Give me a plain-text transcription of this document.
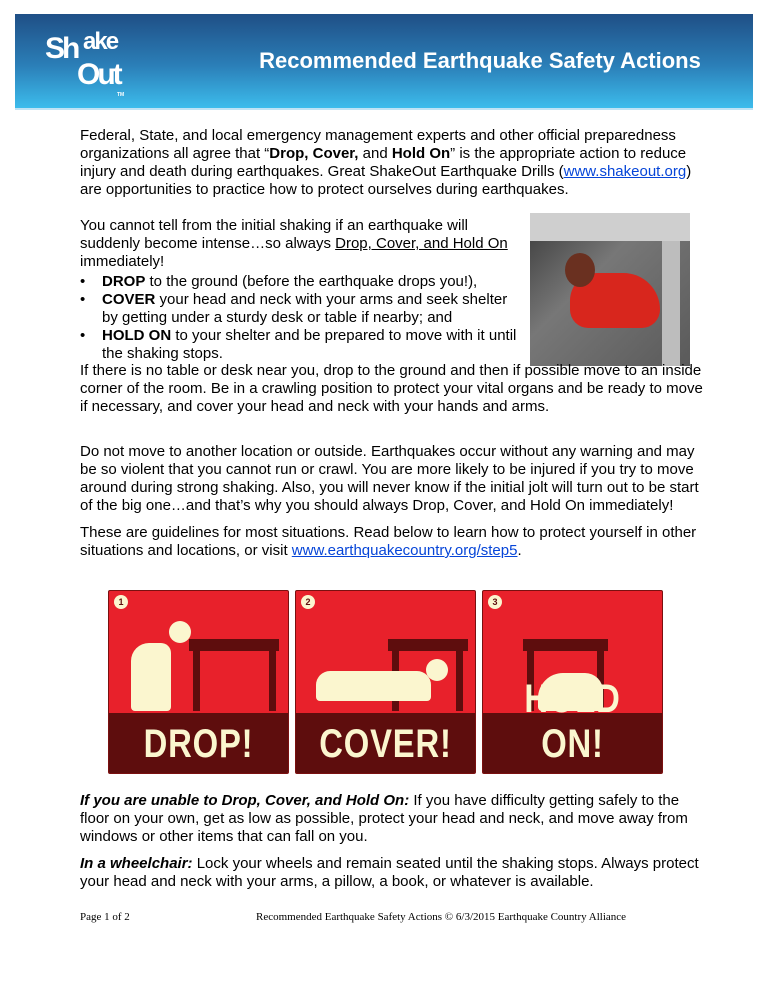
Sh ake
Out
TM
Recommended Earthquake Safety Actions
Federal, State, and local emergency management experts and other official preparedness organizations all agree that “Drop, Cover, and Hold On” is the appropriate action to reduce injury and death during earthquakes. Great ShakeOut Earthquake Drills (www.shakeout.org) are opportunities to practice how to protect ourselves during earthquakes.
You cannot tell from the initial shaking if an earthquake will suddenly become intense…so always Drop, Cover, and Hold On immediately!
• DROP to the ground (before the earthquake drops you!),
• COVER your head and neck with your arms and seek shelter by getting under a sturdy desk or table if nearby; and
• HOLD ON to your shelter and be prepared to move with it until the shaking stops.
If there is no table or desk near you, drop to the ground and then if possible move to an inside corner of the room. Be in a crawling position to protect your vital organs and be ready to move if necessary, and cover your head and neck with your hands and arms.
Do not move to another location or outside. Earthquakes occur without any warning and may be so violent that you cannot run or crawl. You are more likely to be injured if you try to move around during strong shaking. Also, you will never know if the initial jolt will turn out to be start of the big one…and that’s why you should always Drop, Cover, and Hold On immediately!
These are guidelines for most situations. Read below to learn how to protect yourself in other situations and locations, or visit www.earthquakecountry.org/step5.
1
DROP!
2
COVER!
3
HOLD ON!
If you are unable to Drop, Cover, and Hold On: If you have difficulty getting safely to the floor on your own, get as low as possible, protect your head and neck, and move away from windows or other items that can fall on you.
In a wheelchair: Lock your wheels and remain seated until the shaking stops. Always protect your head and neck with your arms, a pillow, a book, or whatever is available.
Page 1 of 2	Recommended Earthquake Safety Actions © 6/3/2015 Earthquake Country Alliance
